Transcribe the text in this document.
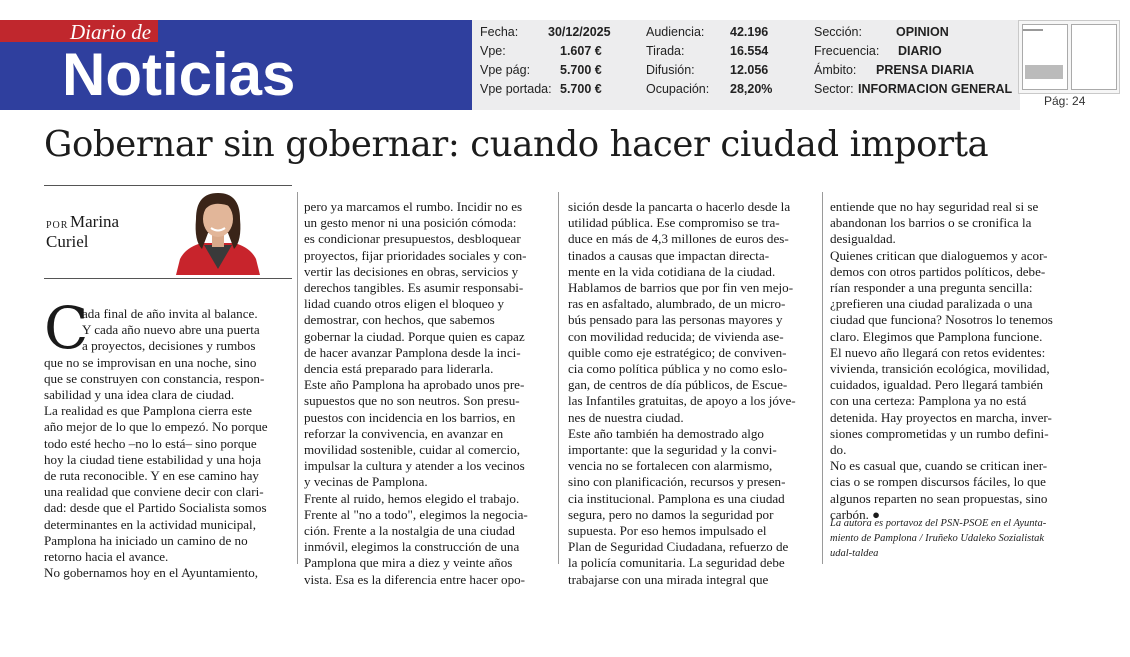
Diario de
Noticias
Fecha: 30/12/2025
Vpe:	1.607 €
Vpe pág: 5.700 €
Vpe portada: 5.700 €
Audiencia: 42.196
Tirada:	16.554
Difusión:	12.056
Ocupación: 28,20%
Sección:	OPINION
Frecuencia: DIARIO
Ámbito: PRENSA DIARIA
Sector: INFORMACION GENERAL
Pág: 24
Gobernar sin gobernar: cuando hacer ciudad importa
POR Marina
Curiel
C

ada final de año invita al balance.

Y cada año nuevo abre una puerta

a proyectos, decisiones y rumbos

que no se improvisan en una noche, sino

que se construyen con constancia, respon-

sabilidad y una idea clara de ciudad.

La realidad es que Pamplona cierra este

año mejor de lo que lo empezó. No porque

todo esté hecho –no lo está– sino porque

hoy la ciudad tiene estabilidad y una hoja

de ruta reconocible. Y en ese camino hay

una realidad que conviene decir con clari-

dad: desde que el Partido Socialista somos

determinantes en la actividad municipal,

Pamplona ha iniciado un camino de no

retorno hacia el avance.

No gobernamos hoy en el Ayuntamiento,

pero ya marcamos el rumbo. Incidir no es

un gesto menor ni una posición cómoda:

es condicionar presupuestos, desbloquear

proyectos, fijar prioridades sociales y con-

vertir las decisiones en obras, servicios y

derechos tangibles. Es asumir responsabi-

lidad cuando otros eligen el bloqueo y

demostrar, con hechos, que sabemos

gobernar la ciudad. Porque quien es capaz

de hacer avanzar Pamplona desde la inci-

dencia está preparado para liderarla.

Este año Pamplona ha aprobado unos pre-

supuestos que no son neutros. Son presu-

puestos con incidencia en los barrios, en

reforzar la convivencia, en avanzar en

movilidad sostenible, cuidar al comercio,

impulsar la cultura y atender a los vecinos

y vecinas de Pamplona.

Frente al ruido, hemos elegido el trabajo.

Frente al "no a todo", elegimos la negocia-

ción. Frente a la nostalgia de una ciudad

inmóvil, elegimos la construcción de una

Pamplona que mira a diez y veinte años

vista. Esa es la diferencia entre hacer opo-

sición desde la pancarta o hacerlo desde la

utilidad pública. Ese compromiso se tra-

duce en más de 4,3 millones de euros des-

tinados a causas que impactan directa-

mente en la vida cotidiana de la ciudad.

Hablamos de barrios que por fin ven mejo-

ras en asfaltado, alumbrado, de un micro-

bús pensado para las personas mayores y

con movilidad reducida; de vivienda ase-

quible como eje estratégico; de conviven-

cia como política pública y no como eslo-

gan, de centros de día públicos, de Escue-

las Infantiles gratuitas, de apoyo a los jóve-

nes de nuestra ciudad.

Este año también ha demostrado algo

importante: que la seguridad y la convi-

vencia no se fortalecen con alarmismo,

sino con planificación, recursos y presen-

cia institucional. Pamplona es una ciudad

segura, pero no damos la seguridad por

supuesta. Por eso hemos impulsado el

Plan de Seguridad Ciudadana, refuerzo de

la policía comunitaria. La seguridad debe

trabajarse con una mirada integral que

entiende que no hay seguridad real si se

abandonan los barrios o se cronifica la

desigualdad.

Quienes critican que dialoguemos y acor-

demos con otros partidos políticos, debe-

rían responder a una pregunta sencilla:

¿prefieren una ciudad paralizada o una

ciudad que funciona? Nosotros lo tenemos

claro. Elegimos que Pamplona funcione.

El nuevo año llegará con retos evidentes:

vivienda, transición ecológica, movilidad,

cuidados, igualdad. Pero llegará también

con una certeza: Pamplona ya no está

detenida. Hay proyectos en marcha, inver-

siones comprometidas y un rumbo defini-

do.

No es casual que, cuando se critican iner-

cias o se rompen discursos fáciles, lo que

algunos reparten no sean propuestas, sino

carbón. ●

La autora es portavoz del PSN-PSOE en el Ayunta-

miento de Pamplona / Iruñeko Udaleko Sozialistak

udal-taldea
